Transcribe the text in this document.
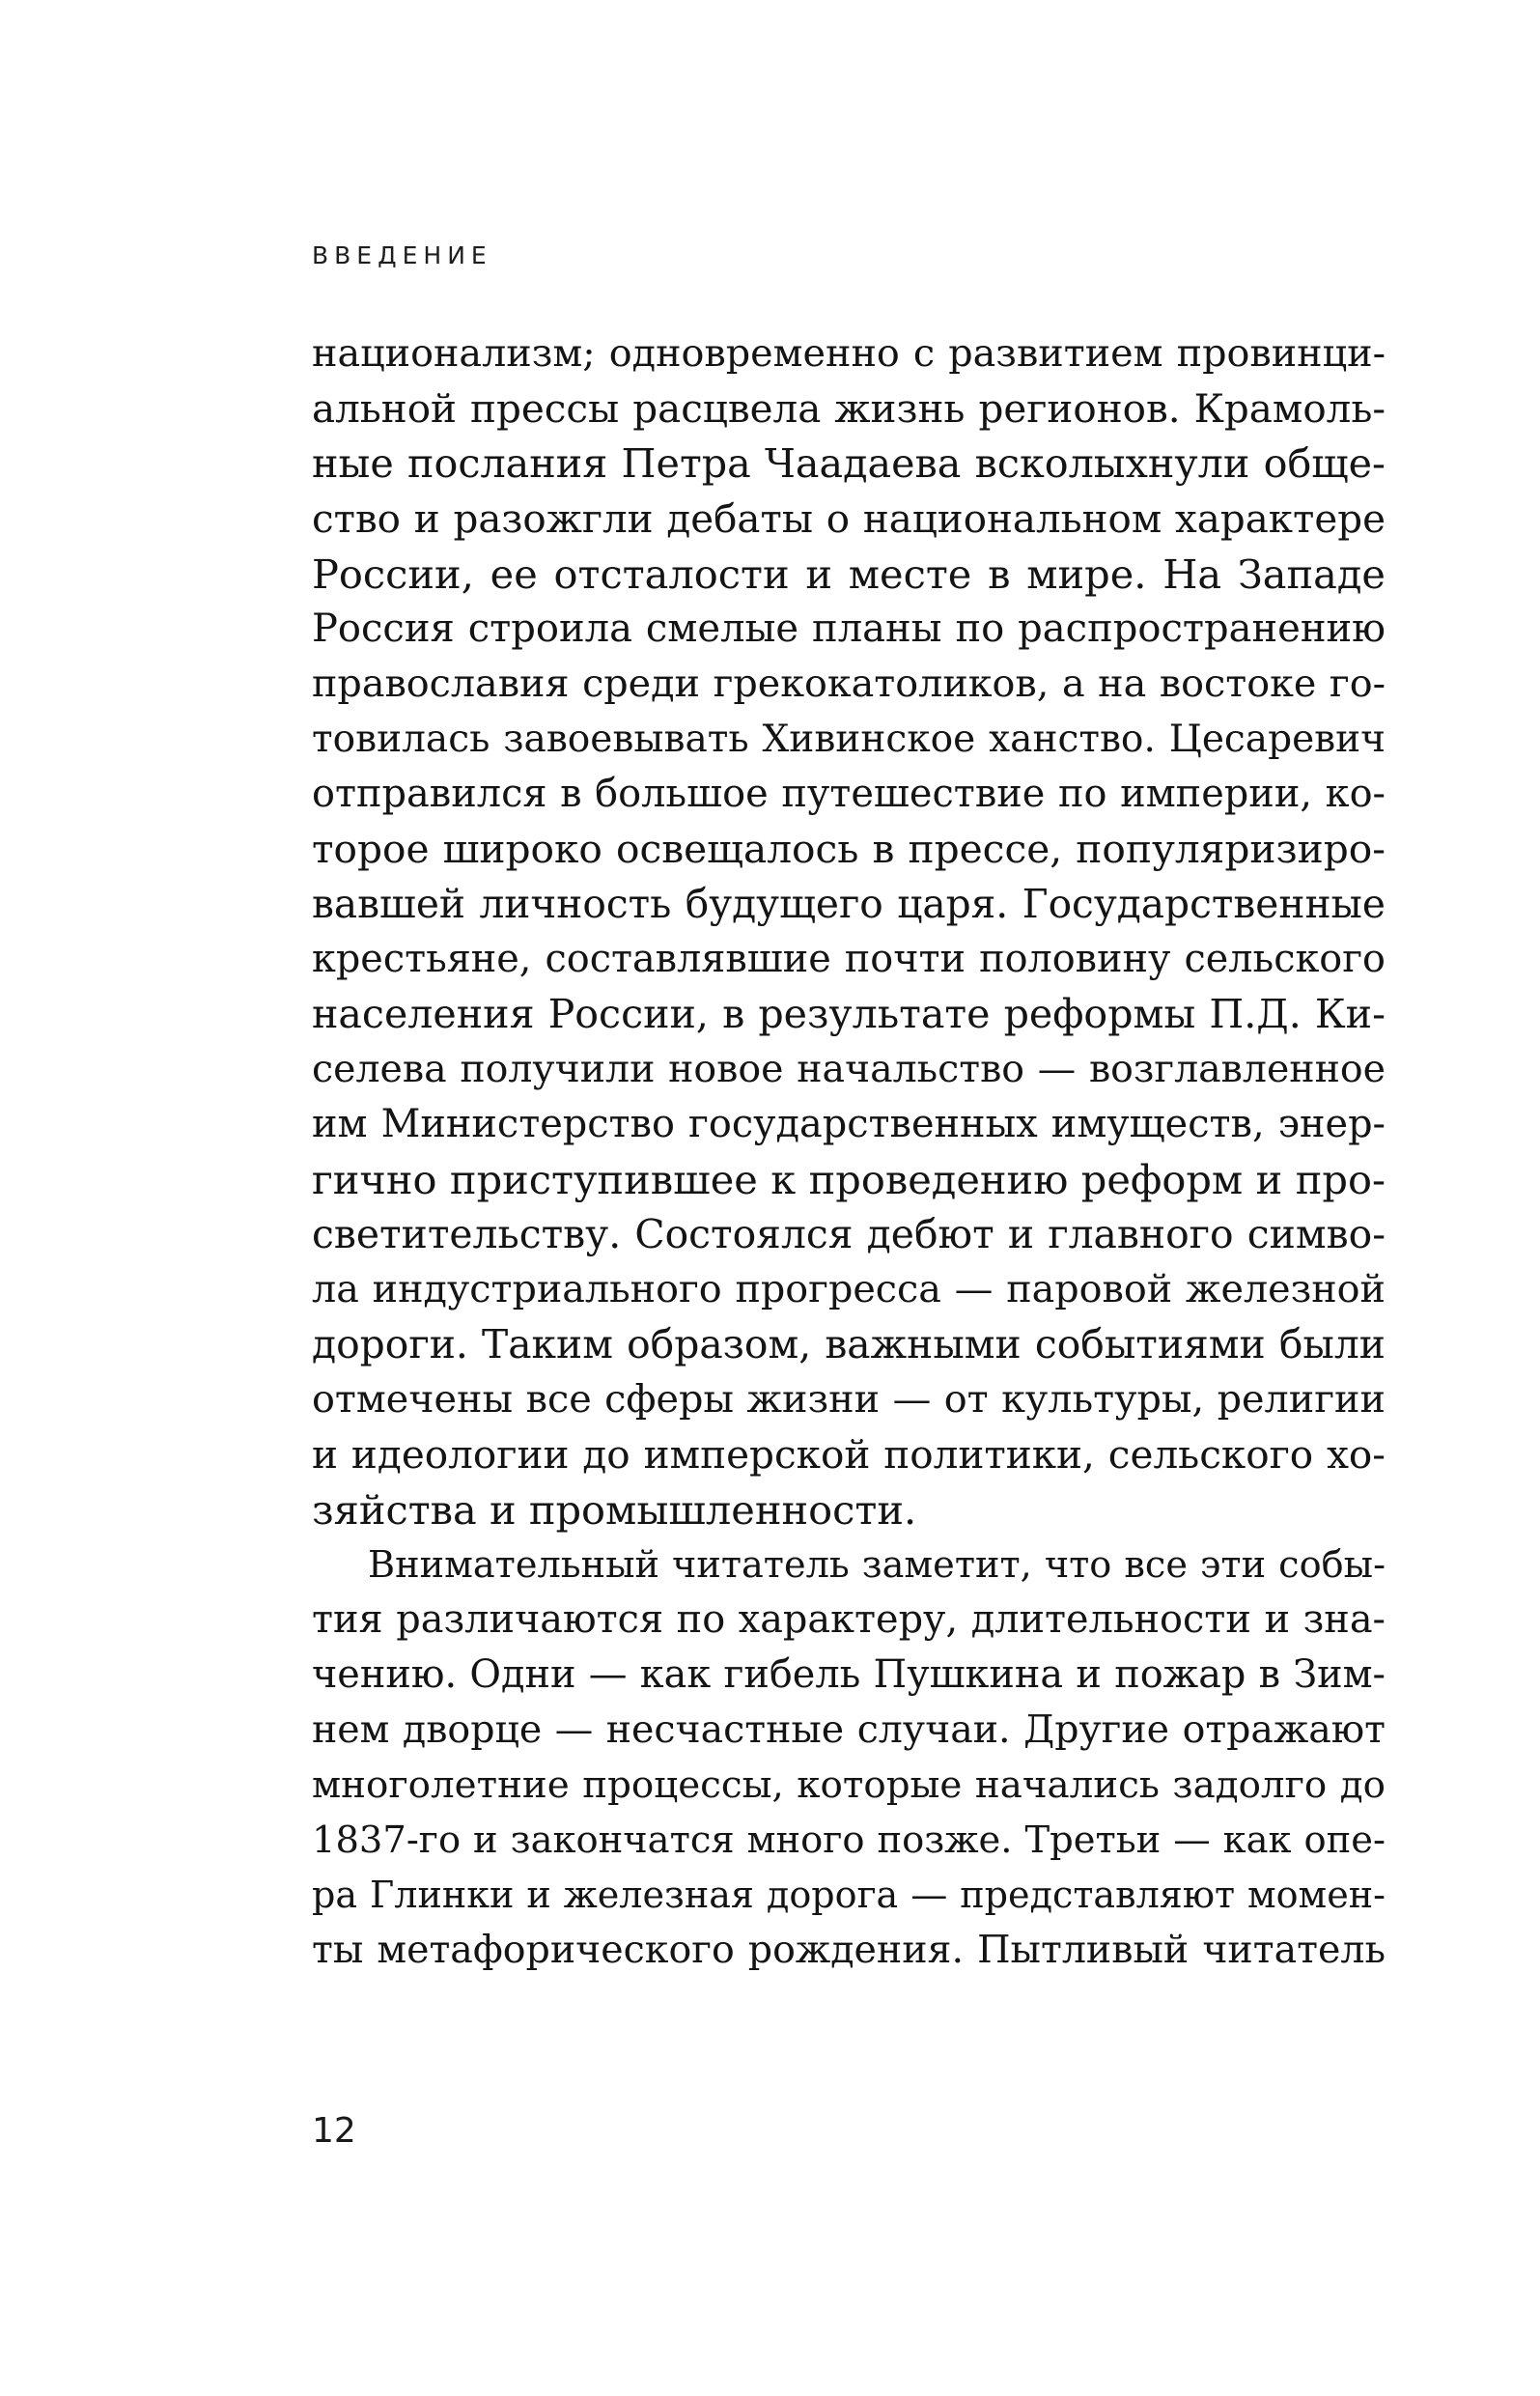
ВВЕДЕНИЕ
национализм; одновременно с развитием провинци-
альной прессы расцвела жизнь регионов. Крамоль-
ные послания Петра Чаадаева всколыхнули обще-
ство и разожгли дебаты о национальном характере
России, ее отсталости и месте в мире. На Западе
Россия строила смелые планы по распространению
православия среди грекокатоликов, а на востоке го-
товилась завоевывать Хивинское ханство. Цесаревич
отправился в большое путешествие по империи, ко-
торое широко освещалось в прессе, популяризиро-
вавшей личность будущего царя. Государственные
крестьяне, составлявшие почти половину сельского
населения России, в результате реформы П.Д. Ки-
селева получили новое начальство — возглавленное
им Министерство государственных имуществ, энер-
гично приступившее к проведению реформ и про-
светительству. Состоялся дебют и главного симво-
ла индустриального прогресса — паровой железной
дороги. Таким образом, важными событиями были
отмечены все сферы жизни — от культуры, религии
и идеологии до имперской политики, сельского хо-
зяйства и промышленности.
Внимательный читатель заметит, что все эти собы-
тия различаются по характеру, длительности и зна-
чению. Одни — как гибель Пушкина и пожар в Зим-
нем дворце — несчастные случаи. Другие отражают
многолетние процессы, которые начались задолго до
1837-го и закончатся много позже. Третьи — как опе-
ра Глинки и железная дорога — представляют момен-
ты метафорического рождения. Пытливый читатель
12
